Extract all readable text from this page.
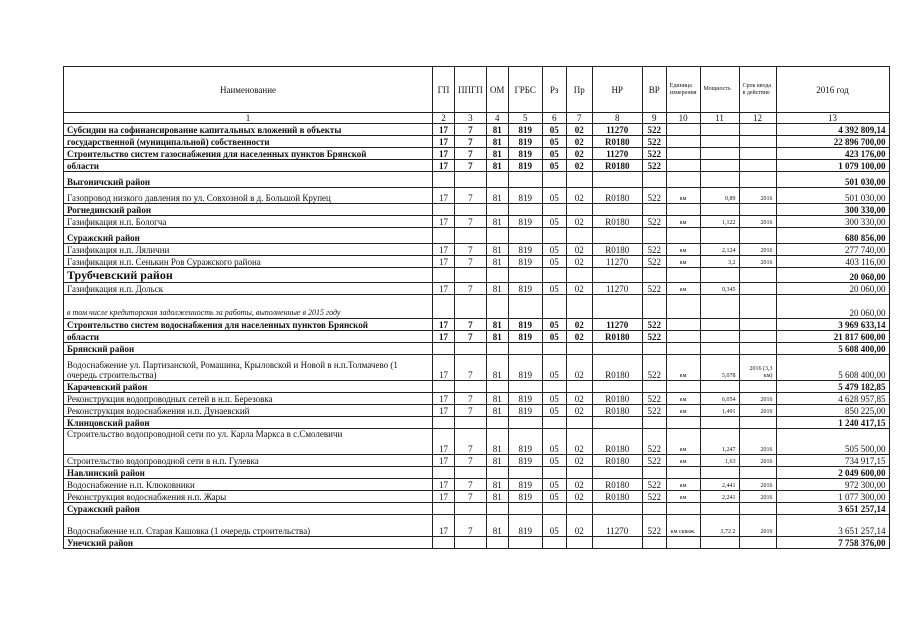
Наименование	ГП	ППГП	ОМ	ГРБС	Рз	Пр	НР	ВР	Единица измерения	Мощность	Срок ввода в действие	2016 год
1	2	3	4	5	6	7	8	9	10	11	12	13
Субсидии на софинансирование капитальных вложений в объекты	17	7	81	819	05	02	11270	522				4 392 809,14
государственной (муниципальной) собственности	17	7	81	819	05	02	R0180	522				22 896 700,00
Строительство систем газоснабжения для населенных пунктов Брянской	17	7	81	819	05	02	11270	522				423 176,00
области	17	7	81	819	05	02	R0180	522				1 079 100,00
Выгоничский район												501 030,00
Газопровод низкого давления по ул. Совхозной в д. Большой Крупец	17	7	81	819	05	02	R0180	522	км	0,89	2016	501 030,00
Рогнединский район												300 330,00
Газификация н.п. Бологча	17	7	81	819	05	02	R0180	522	км	1,122	2016	300 330,00
Суражский район												680 856,00
Газификация н.п. Лялични	17	7	81	819	05	02	R0180	522	км	2,124	2016	277 740,00
Газификация н.п. Сенькин Ров Суражского района	17	7	81	819	05	02	11270	522	км	3,2	2016	403 116,00
Трубчевский район												20 060,00
Газификация н.п. Дольск	17	7	81	819	05	02	11270	522	км	0,345		20 060,00
в том числе кредиторская задолженность за работы, выполненные в 2015 году												20 060,00
Строительство систем водоснабжения для населенных пунктов Брянской	17	7	81	819	05	02	11270	522				3 969 633,14
области	17	7	81	819	05	02	R0180	522				21 817 600,00
Брянский район												5 608 400,00
Водоснабжение ул. Партизанской, Ромашина, Крыловской и Новой в н.п.Толмачево (1 очередь строительства)	17	7	81	819	05	02	R0180	522	км	5,078	2016 (3,3 км)	5 608 400,00
Карачевский район												5 479 182,85
Реконструкция водопроводных сетей в н.п. Березовка	17	7	81	819	05	02	R0180	522	км	6,054	2016	4 628 957,85
Реконструкция водоснабжения н.п. Дунаевский	17	7	81	819	05	02	R0180	522	км	1,491	2016	850 225,00
Клинцовский район												1 240 417,15
Строительство водопроводной сети по ул. Карла Маркса в с.Смолевичи	17	7	81	819	05	02	R0180	522	км	1,247	2016	505 500,00
Строительство водопроводной сети в н.п. Гулевка	17	7	81	819	05	02	R0180	522	км	1,63	2016	734 917,15
Навлинский район												2 049 600,00
Водоснабжение н.п. Клюковники	17	7	81	819	05	02	R0180	522	км	2,441	2016	972 300,00
Реконструкция водоснабжения н.п. Жары	17	7	81	819	05	02	R0180	522	км	2,241	2016	1 077 300,00
Суражский район												3 651 257,14
Водоснабжение н.п. Старая Кашовка (1 очередь строительства)	17	7	81	819	05	02	11270	522	км скваж.	3,72 2	2016	3 651 257,14
Унечский район												7 758 376,00
